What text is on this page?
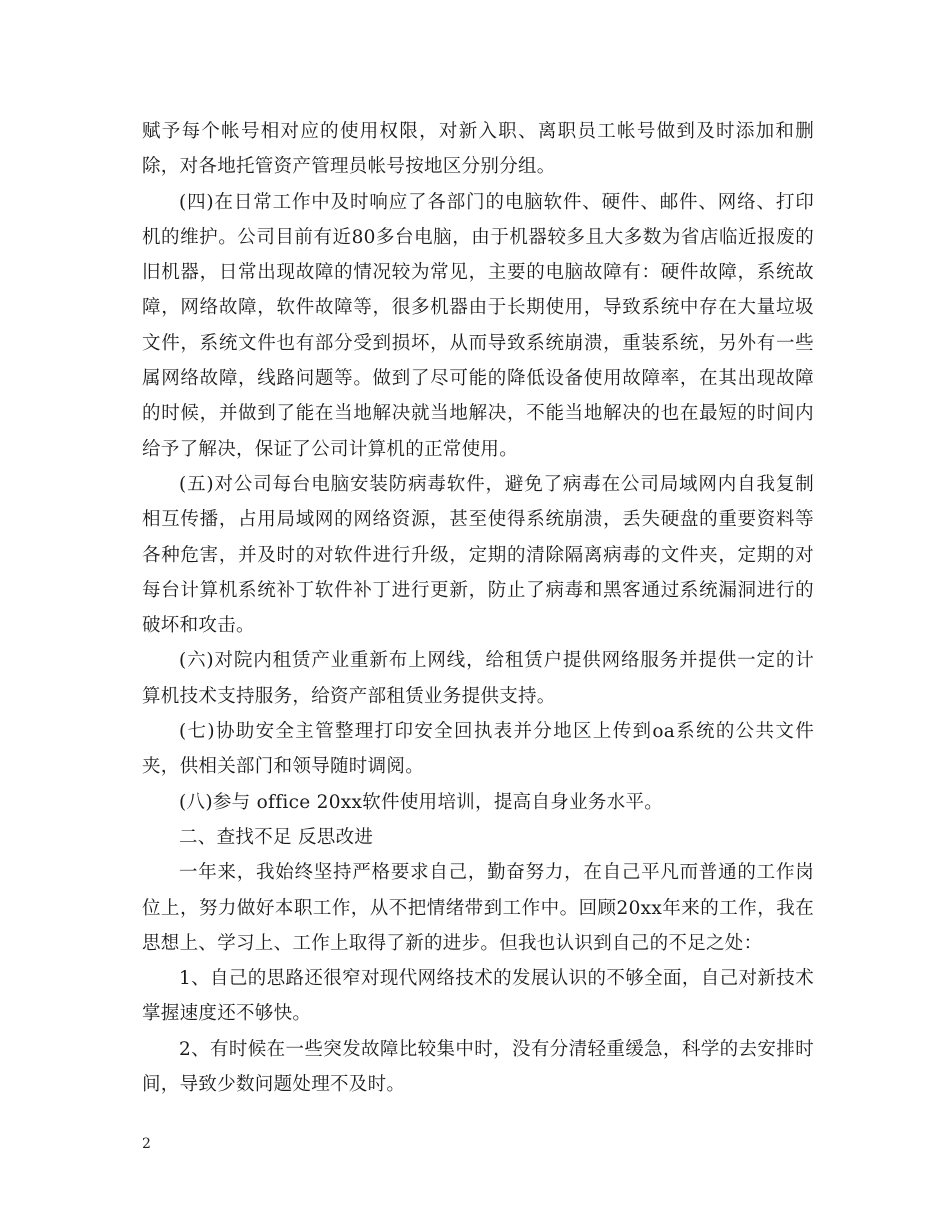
赋予每个帐号相对应的使用权限，对新入职、离职员工帐号做到及时添加和删除，对各地托管资产管理员帐号按地区分别分组。

(四)在日常工作中及时响应了各部门的电脑软件、硬件、邮件、网络、打印机的维护。公司目前有近80多台电脑，由于机器较多且大多数为省店临近报废的旧机器，日常出现故障的情况较为常见，主要的电脑故障有：硬件故障，系统故障，网络故障，软件故障等，很多机器由于长期使用，导致系统中存在大量垃圾文件，系统文件也有部分受到损坏，从而导致系统崩溃，重装系统，另外有一些属网络故障，线路问题等。做到了尽可能的降低设备使用故障率，在其出现故障的时候，并做到了能在当地解决就当地解决，不能当地解决的也在最短的时间内给予了解决，保证了公司计算机的正常使用。

(五)对公司每台电脑安装防病毒软件，避免了病毒在公司局域网内自我复制相互传播，占用局域网的网络资源，甚至使得系统崩溃，丢失硬盘的重要资料等各种危害，并及时的对软件进行升级，定期的清除隔离病毒的文件夹，定期的对每台计算机系统补丁软件补丁进行更新，防止了病毒和黑客通过系统漏洞进行的破坏和攻击。

(六)对院内租赁产业重新布上网线，给租赁户提供网络服务并提供一定的计算机技术支持服务，给资产部租赁业务提供支持。

(七)协助安全主管整理打印安全回执表并分地区上传到oa系统的公共文件夹，供相关部门和领导随时调阅。

(八)参与 office 20xx软件使用培训，提高自身业务水平。

二、查找不足 反思改进

一年来，我始终坚持严格要求自己，勤奋努力，在自己平凡而普通的工作岗位上，努力做好本职工作，从不把情绪带到工作中。回顾20xx年来的工作，我在思想上、学习上、工作上取得了新的进步。但我也认识到自己的不足之处：

1、自己的思路还很窄对现代网络技术的发展认识的不够全面，自己对新技术掌握速度还不够快。

2、有时候在一些突发故障比较集中时，没有分清轻重缓急，科学的去安排时间，导致少数问题处理不及时。

2
